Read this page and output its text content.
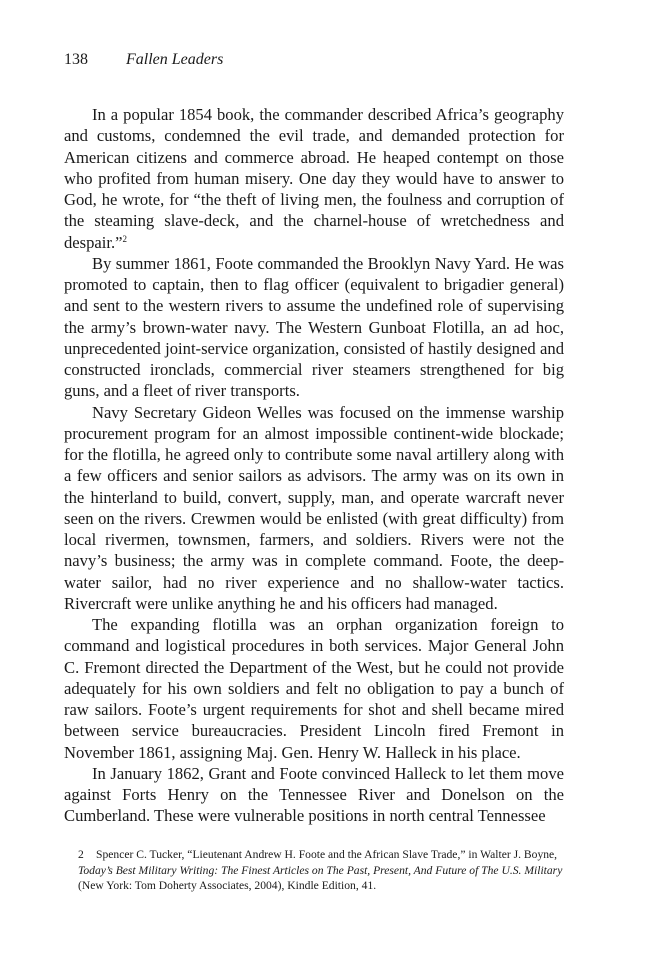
138 Fallen Leaders

In a popular 1854 book, the commander described Africa’s geography and customs, condemned the evil trade, and demanded protection for American citizens and commerce abroad. He heaped contempt on those who profited from human misery. One day they would have to answer to God, he wrote, for “the theft of living men, the foulness and corruption of the steaming slave-deck, and the charnel-house of wretchedness and despair.”$^2$

By summer 1861, Foote commanded the Brooklyn Navy Yard. He was promoted to captain, then to flag officer (equivalent to brigadier general) and sent to the western rivers to assume the undefined role of supervising the army’s brown-water navy. The Western Gunboat Flotilla, an ad hoc, unprecedented joint-service organization, consisted of hastily designed and constructed ironclads, commercial river steamers strengthened for big guns, and a fleet of river transports.

Navy Secretary Gideon Welles was focused on the immense warship procurement program for an almost impossible continent-wide blockade; for the flotilla, he agreed only to contribute some naval artillery along with a few officers and senior sailors as advisors. The army was on its own in the hinterland to build, convert, supply, man, and operate warcraft never seen on the rivers. Crewmen would be enlisted (with great difficulty) from local rivermen, townsmen, farmers, and soldiers. Rivers were not the navy’s business; the army was in complete command. Foote, the deep-water sailor, had no river experience and no shallow-water tactics. Rivercraft were unlike anything he and his officers had managed.

The expanding flotilla was an orphan organization foreign to command and logistical procedures in both services. Major General John C. Fremont directed the Department of the West, but he could not provide adequately for his own soldiers and felt no obligation to pay a bunch of raw sailors. Foote’s urgent requirements for shot and shell became mired between service bureaucracies. President Lincoln fired Fremont in November 1861, assigning Maj. Gen. Henry W. Halleck in his place.

In January 1862, Grant and Foote convinced Halleck to let them move against Forts Henry on the Tennessee River and Donelson on the Cumberland. These were vulnerable positions in north central Tennessee

2 Spencer C. Tucker, “Lieutenant Andrew H. Foote and the African Slave Trade,” in Walter J. Boyne, Today’s Best Military Writing: The Finest Articles on The Past, Present, And Future of The U.S. Military (New York: Tom Doherty Associates, 2004), Kindle Edition, 41.
